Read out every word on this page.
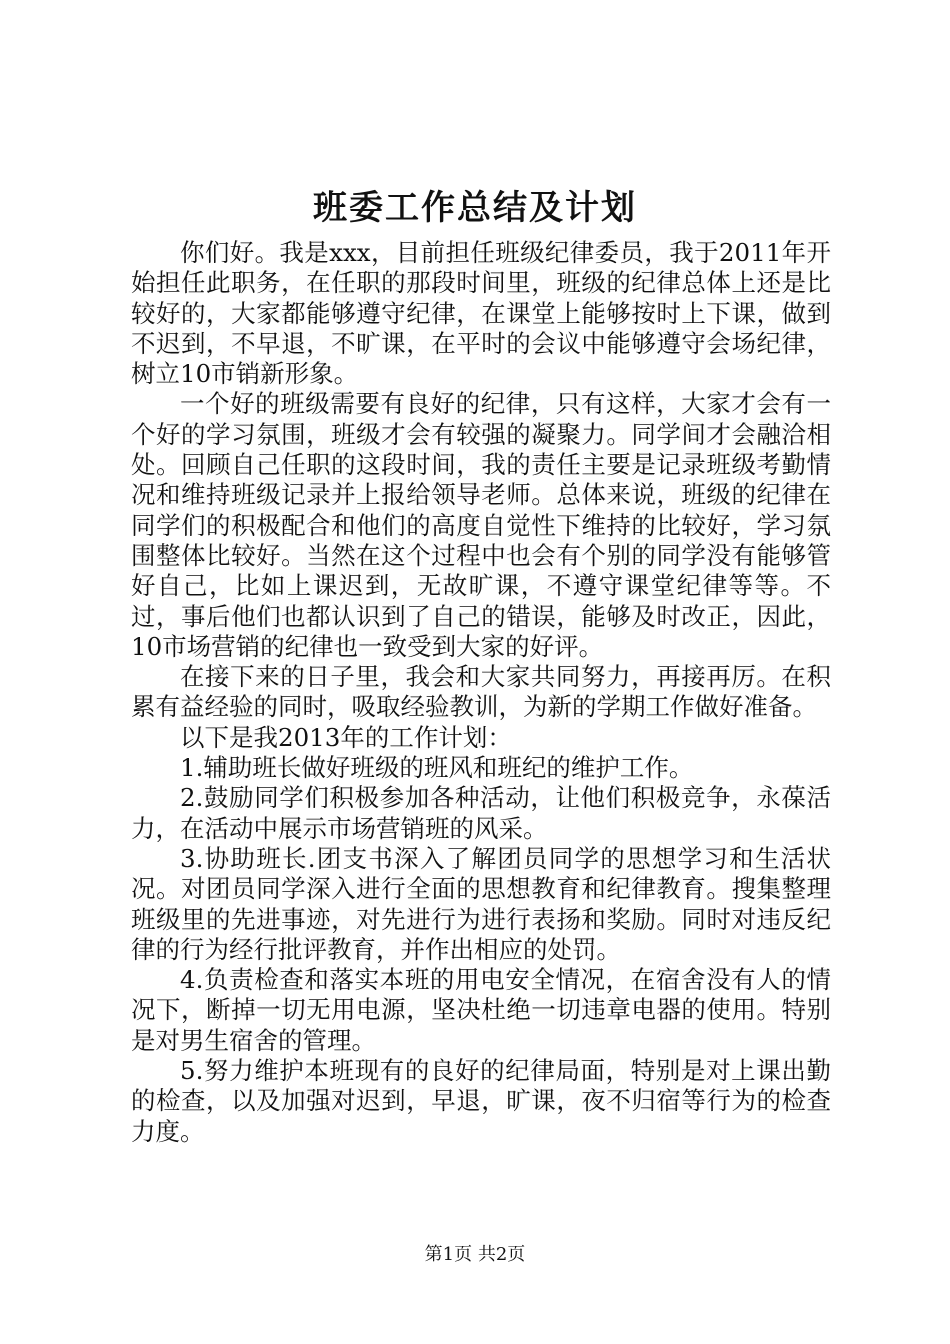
班委工作总结及计划

你们好。我是xxx，目前担任班级纪律委员，我于2011年开始担任此职务，在任职的那段时间里，班级的纪律总体上还是比较好的，大家都能够遵守纪律，在课堂上能够按时上下课，做到不迟到，不早退，不旷课，在平时的会议中能够遵守会场纪律，树立10市销新形象。

一个好的班级需要有良好的纪律，只有这样，大家才会有一个好的学习氛围，班级才会有较强的凝聚力。同学间才会融洽相处。回顾自己任职的这段时间，我的责任主要是记录班级考勤情况和维持班级记录并上报给领导老师。总体来说，班级的纪律在同学们的积极配合和他们的高度自觉性下维持的比较好，学习氛围整体比较好。当然在这个过程中也会有个别的同学没有能够管好自己，比如上课迟到，无故旷课，不遵守课堂纪律等等。不过，事后他们也都认识到了自己的错误，能够及时改正，因此，10市场营销的纪律也一致受到大家的好评。

在接下来的日子里，我会和大家共同努力，再接再厉。在积累有益经验的同时，吸取经验教训，为新的学期工作做好准备。

以下是我2013年的工作计划：

1.辅助班长做好班级的班风和班纪的维护工作。

2.鼓励同学们积极参加各种活动，让他们积极竞争，永葆活力，在活动中展示市场营销班的风采。

3.协助班长.团支书深入了解团员同学的思想学习和生活状况。对团员同学深入进行全面的思想教育和纪律教育。搜集整理班级里的先进事迹，对先进行为进行表扬和奖励。同时对违反纪律的行为经行批评教育，并作出相应的处罚。

4.负责检查和落实本班的用电安全情况，在宿舍没有人的情况下，断掉一切无用电源，坚决杜绝一切违章电器的使用。特别是对男生宿舍的管理。

5.努力维护本班现有的良好的纪律局面，特别是对上课出勤的检查，以及加强对迟到，早退，旷课，夜不归宿等行为的检查力度。

第1页 共2页
